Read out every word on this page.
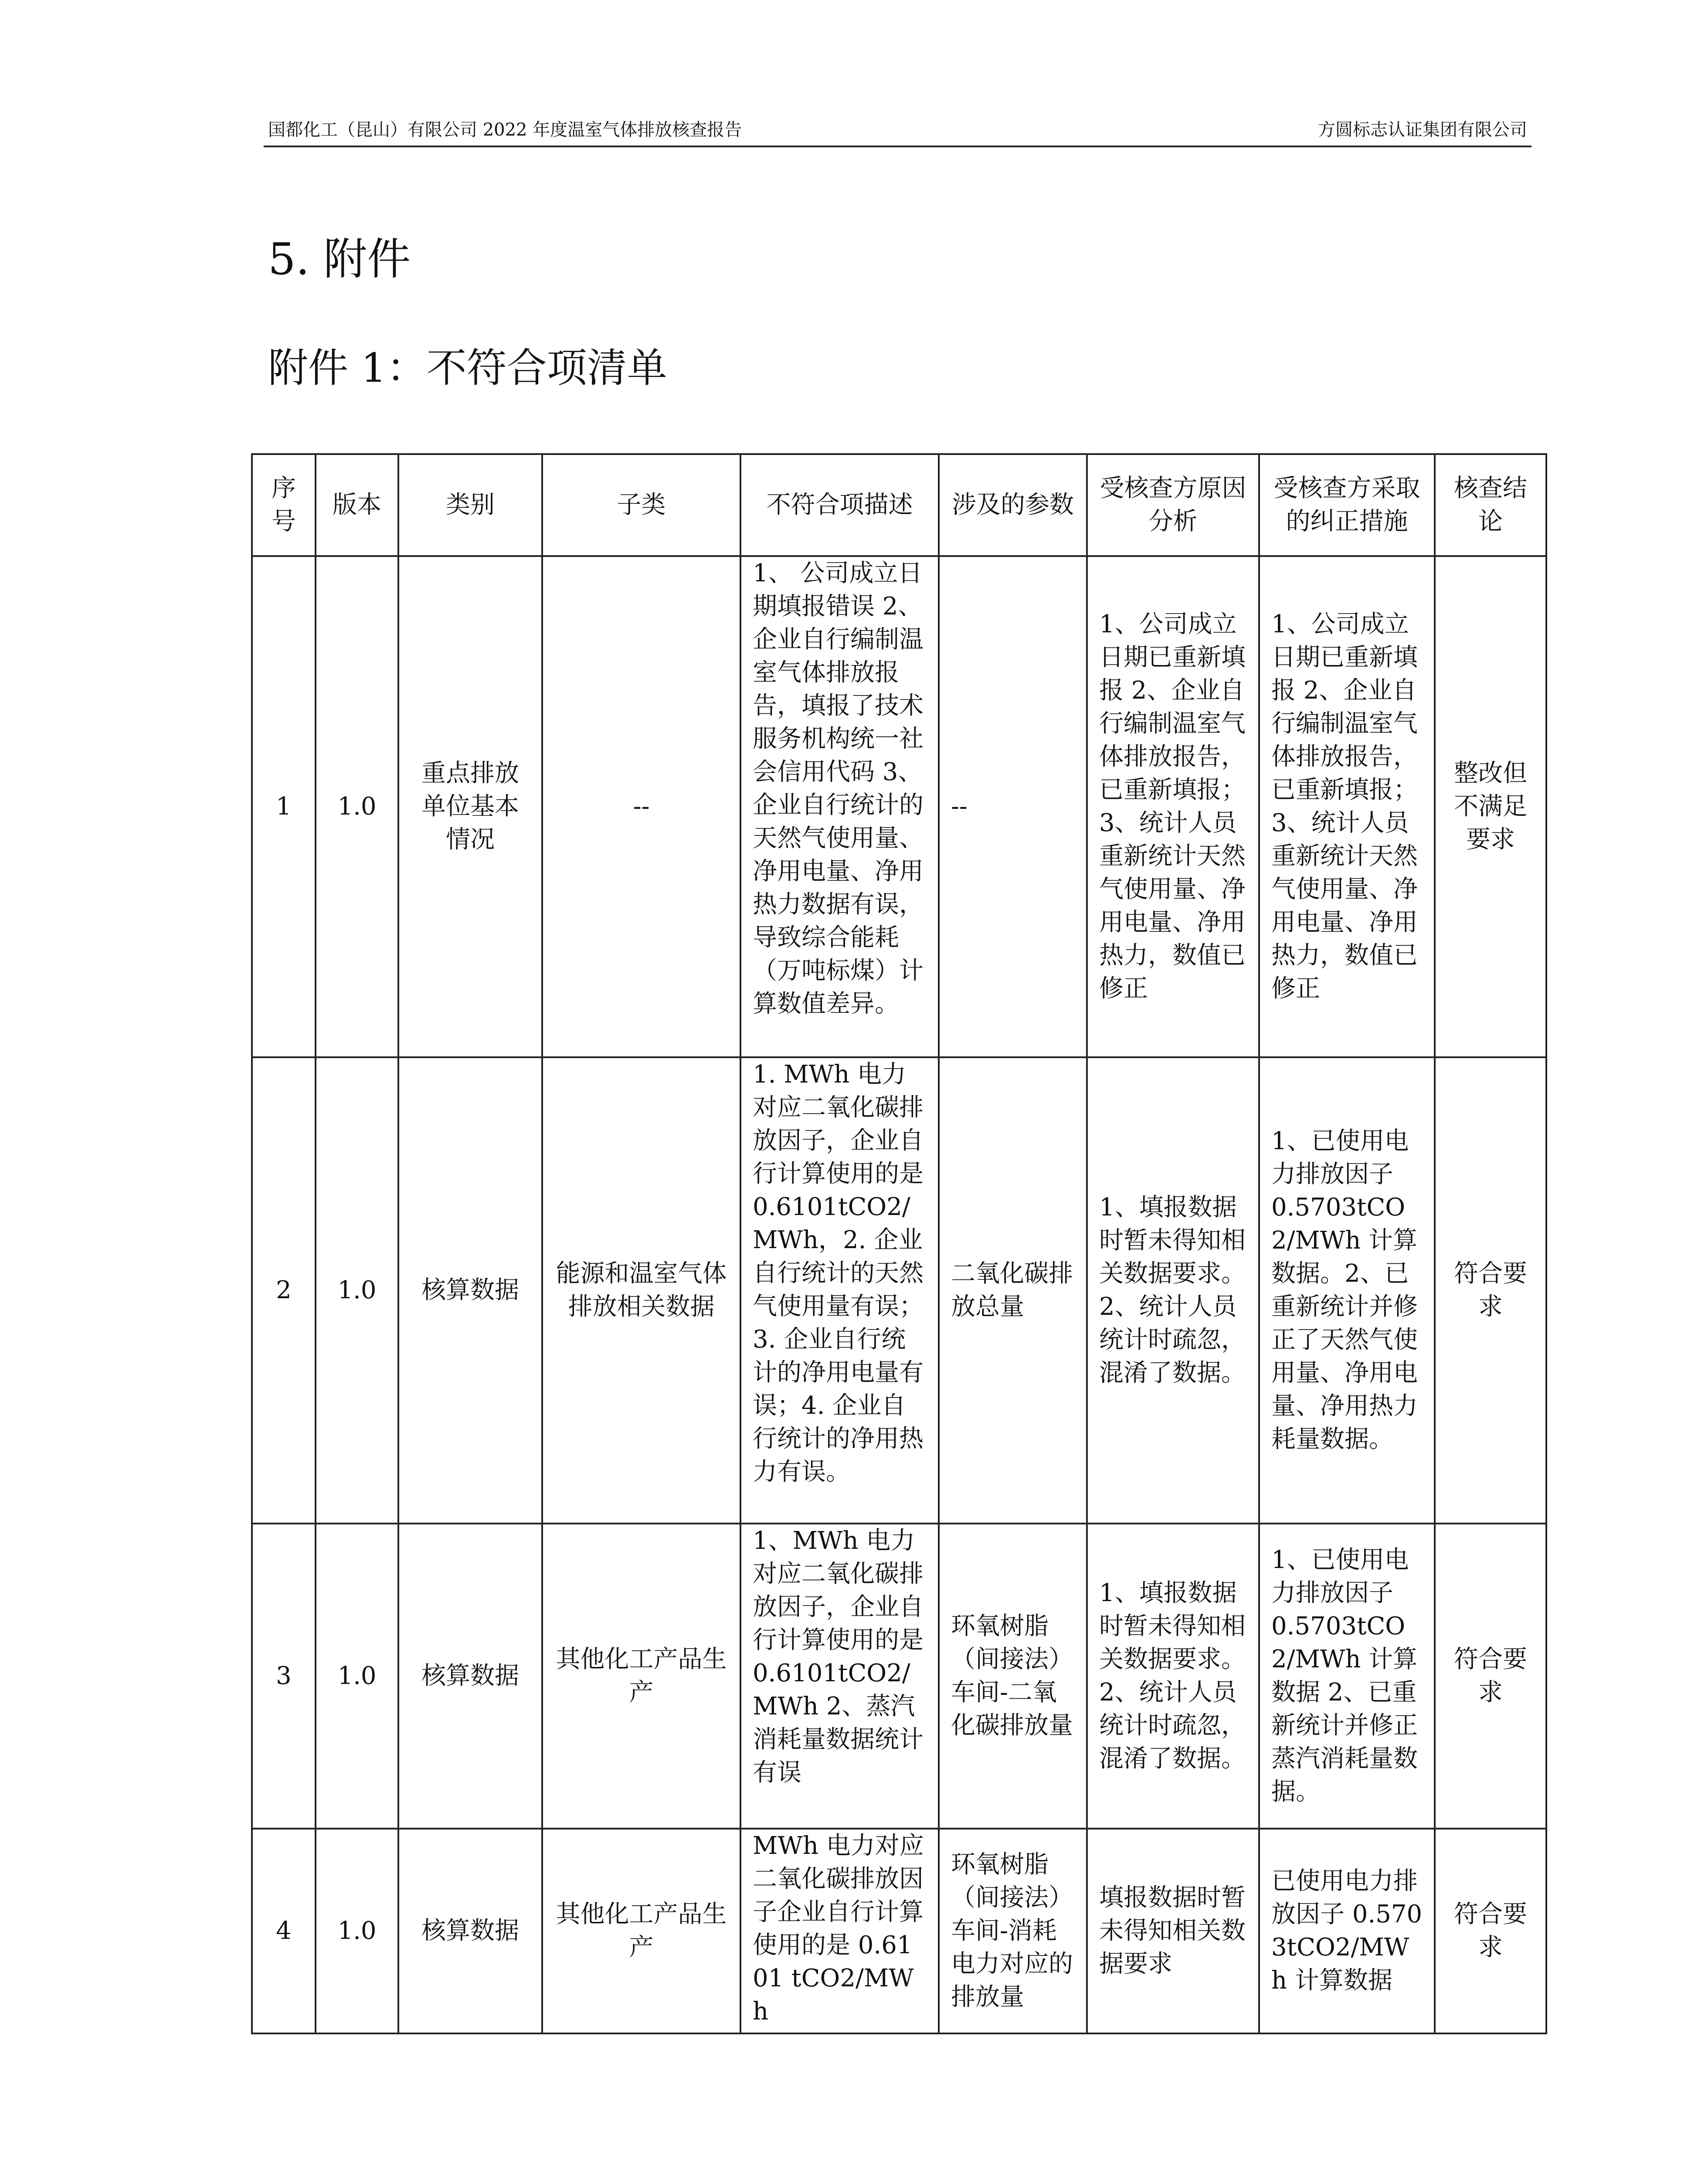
国都化工（昆山）有限公司 2022 年度温室气体排放核查报告	方圆标志认证集团有限公司
5. 附件
附件 1：不符合项清单
序号	版本	类别	子类	不符合项描述	涉及的参数	受核查方原因分析	受核查方采取的纠正措施	核查结论
1	1.0	重点排放单位基本情况	--	1、 公司成立日期填报错误 2、 企业自行编制温室气体排放报告，填报了技术服务机构统一社会信用代码 3、 企业自行统计的天然气使用量、净用电量、净用热力数据有误，导致综合能耗（万吨标煤）计算数值差异。	--	1、公司成立日期已重新填报 2、企业自行编制温室气体排放报告，已重新填报；3、统计人员重新统计天然气使用量、净用电量、净用热力，数值已修正	1、公司成立日期已重新填报 2、企业自行编制温室气体排放报告，已重新填报；3、统计人员重新统计天然气使用量、净用电量、净用热力，数值已修正	整改但不满足要求
2	1.0	核算数据	能源和温室气体排放相关数据	1. MWh 电力对应二氧化碳排放因子，企业自行计算使用的是 0.6101tCO2/MWh，2. 企业自行统计的天然气使用量有误；3. 企业自行统计的净用电量有误；4. 企业自行统计的净用热力有误。	二氧化碳排放总量	1、填报数据时暂未得知相关数据要求。2、统计人员统计时疏忽，混淆了数据。	1、已使用电力排放因子 0.5703tCO2/MWh 计算数据。2、已重新统计并修正了天然气使用量、净用电量、净用热力耗量数据。	符合要求
3	1.0	核算数据	其他化工产品生产	1、MWh 电力对应二氧化碳排放因子，企业自行计算使用的是 0.6101tCO2/MWh 2、蒸汽消耗量数据统计有误	环氧树脂（间接法）车间-二氧化碳排放量	1、填报数据时暂未得知相关数据要求。2、统计人员统计时疏忽，混淆了数据。	1、已使用电力排放因子 0.5703tCO2/MWh 计算数据 2、已重新统计并修正蒸汽消耗量数据。	符合要求
4	1.0	核算数据	其他化工产品生产	MWh 电力对应二氧化碳排放因子企业自行计算使用的是 0.6101 tCO2/MWh	环氧树脂（间接法）车间-消耗电力对应的排放量	填报数据时暂未得知相关数据要求	已使用电力排放因子 0.5703tCO2/MWh 计算数据	符合要求
